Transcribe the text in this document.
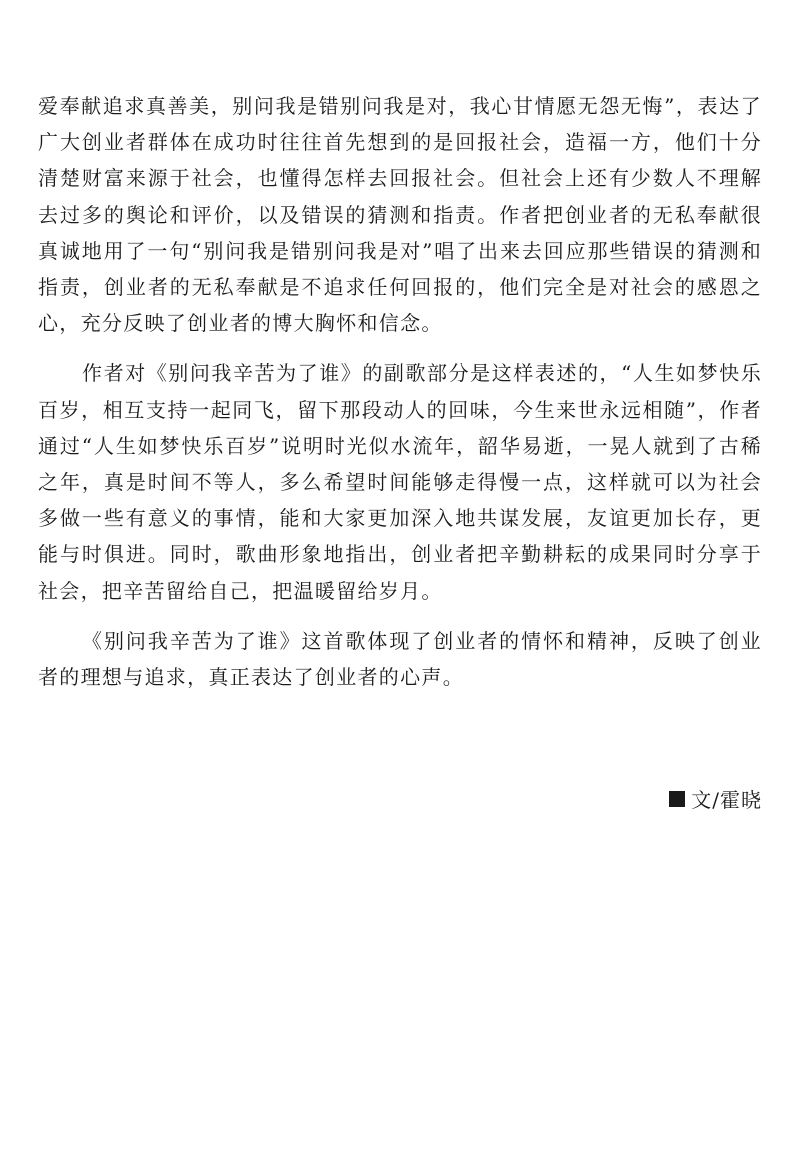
爱奉献追求真善美，别问我是错别问我是对，我心甘情愿无怨无悔”，表达了广大创业者群体在成功时往往首先想到的是回报社会，造福一方，他们十分清楚财富来源于社会，也懂得怎样去回报社会。但社会上还有少数人不理解去过多的舆论和评价，以及错误的猜测和指责。作者把创业者的无私奉献很真诚地用了一句“别问我是错别问我是对”唱了出来去回应那些错误的猜测和指责，创业者的无私奉献是不追求任何回报的，他们完全是对社会的感恩之心，充分反映了创业者的博大胸怀和信念。

作者对《别问我辛苦为了谁》的副歌部分是这样表述的，“人生如梦快乐百岁，相互支持一起同飞，留下那段动人的回味，今生来世永远相随”，作者通过“人生如梦快乐百岁”说明时光似水流年，韶华易逝，一晃人就到了古稀之年，真是时间不等人，多么希望时间能够走得慢一点，这样就可以为社会多做一些有意义的事情，能和大家更加深入地共谋发展，友谊更加长存，更能与时俱进。同时，歌曲形象地指出，创业者把辛勤耕耘的成果同时分享于社会，把辛苦留给自己，把温暖留给岁月。

《别问我辛苦为了谁》这首歌体现了创业者的情怀和精神，反映了创业者的理想与追求，真正表达了创业者的心声。

文/霍晓
